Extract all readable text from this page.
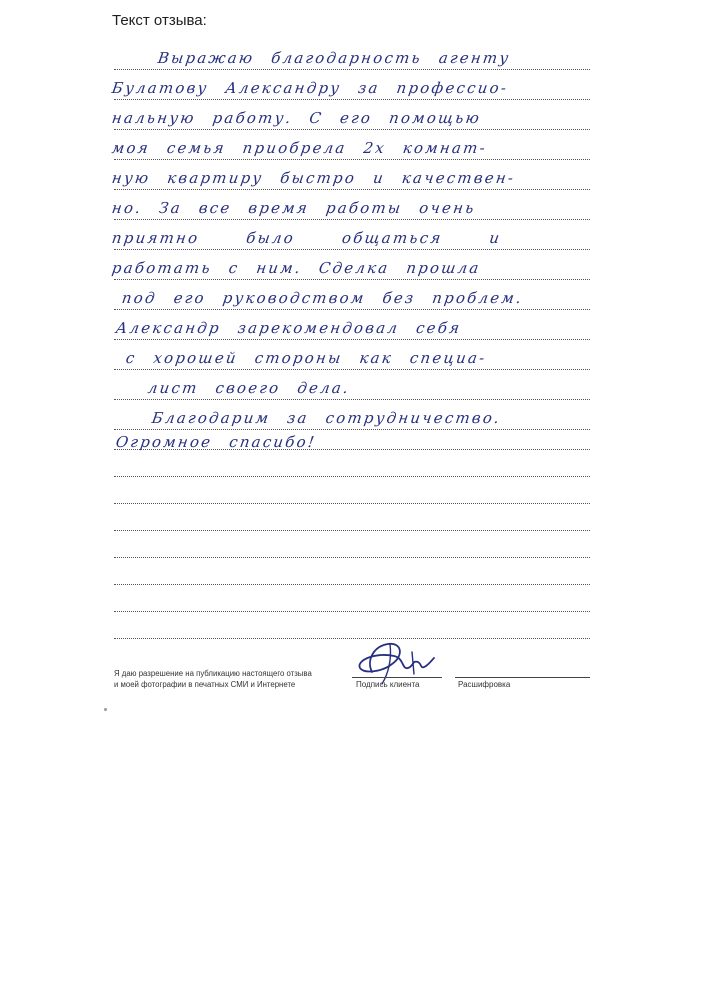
Текст отзыва:
Выражаю благодарность агенту
Булатову Александру за профессио-
нальную работу. С его помощью
моя семья приобрела 2х комнат-
ную квартиру быстро и качествен-
но. За все время работы очень
приятно было общаться и
работать с ним. Сделка прошла
под его руководством без проблем.
Александр зарекомендовал себя
с хорошей стороны как специа-
лист своего дела.
Благодарим за сотрудничество.
Огромное спасибо!
Я даю разрешение на публикацию настоящего отзыва
и моей фотографии в печатных СМИ и Интернете	Подпись клиента	Расшифровка
